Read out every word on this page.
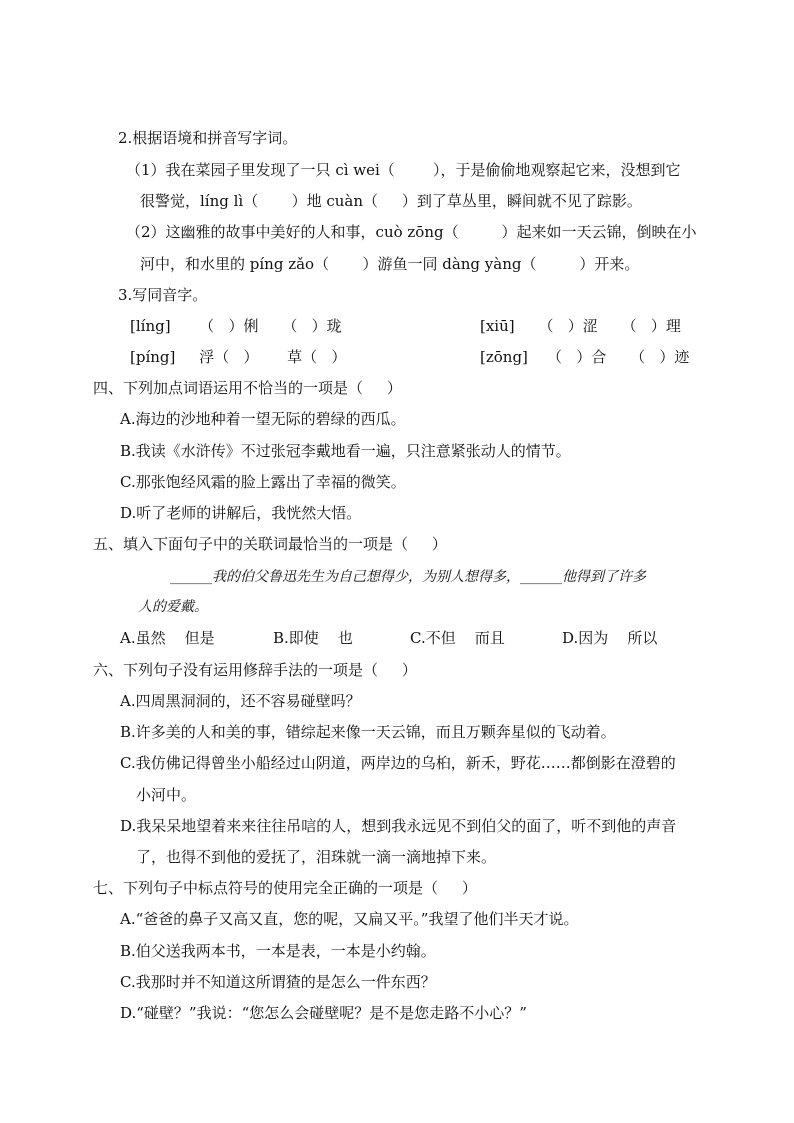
2.根据语境和拼音写字词。
（1）我在菜园子里发现了一只 cì wei（        ），于是偷偷地观察起它来，没想到它
很警觉，líng lì（       ）地 cuàn（     ）到了草丛里，瞬间就不见了踪影。
（2）这幽雅的故事中美好的人和事，cuò zōng（         ）起来如一天云锦，倒映在小
河中，和水里的 píng zǎo（       ）游鱼一同 dàng yàng（         ）开来。
3.写同音字。
[líng]      （   ）俐     （   ）珑	[xiū]     （   ）涩     （   ）理
[píng]     浮（   ）      草（   ）	[zōng]    （   ）合     （   ）迹
四、下列加点词语运用不恰当的一项是（     ）
A.海边的沙地种着一望无际的碧绿的西瓜。
B.我读《水浒传》不过张冠李戴地看一遍，只注意紧张动人的情节。
C.那张饱经风霜的脸上露出了幸福的微笑。
D.听了老师的讲解后，我恍然大悟。
五、填入下面句子中的关联词最恰当的一项是（     ）
______我的伯父鲁迅先生为自己想得少，为别人想得多，______他得到了许多
人的爱戴。
A.虽然    但是	B.即使    也	C.不但    而且	D.因为    所以
六、下列句子没有运用修辞手法的一项是（     ）
A.四周黑洞洞的，还不容易碰壁吗？
B.许多美的人和美的事，错综起来像一天云锦，而且万颗奔星似的飞动着。
C.我仿佛记得曾坐小船经过山阴道，两岸边的乌桕，新禾，野花……都倒影在澄碧的
小河中。
D.我呆呆地望着来来往往吊唁的人，想到我永远见不到伯父的面了，听不到他的声音
了，也得不到他的爱抚了，泪珠就一滴一滴地掉下来。
七、下列句子中标点符号的使用完全正确的一项是（     ）
A.“爸爸的鼻子又高又直，您的呢，又扁又平。”我望了他们半天才说。
B.伯父送我两本书，一本是表，一本是小约翰。
C.我那时并不知道这所谓猹的是怎么一件东西？
D.“碰壁？”我说：“您怎么会碰壁呢？是不是您走路不小心？”
